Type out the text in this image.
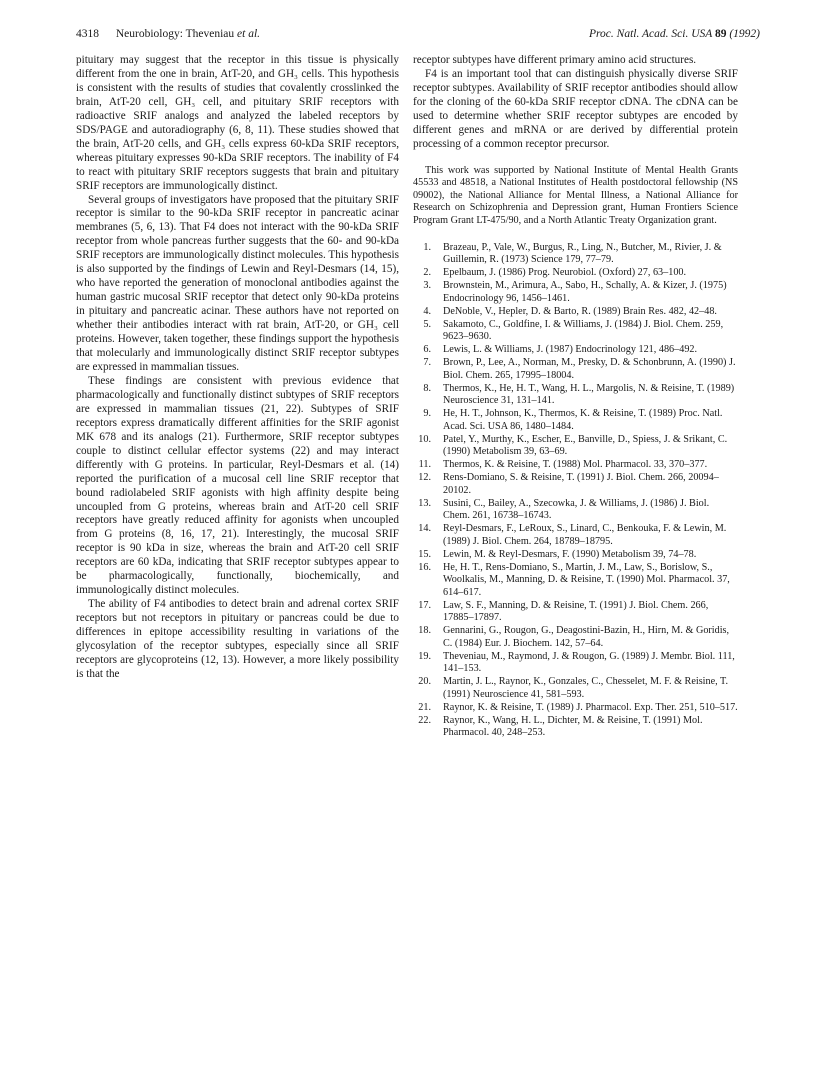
4318 Neurobiology: Theveniau et al.	Proc. Natl. Acad. Sci. USA 89 (1992)

pituitary may suggest that the receptor in this tissue is physically different from the one in brain, AtT-20, and GH₃ cells. This hypothesis is consistent with the results of studies that covalently crosslinked the brain, AtT-20 cell, GH₃ cell, and pituitary SRIF receptors with radioactive SRIF analogs and analyzed the labeled receptors by SDS/PAGE and autoradiography (6, 8, 11). These studies showed that the brain, AtT-20 cells, and GH₃ cells express 60-kDa SRIF receptors, whereas pituitary expresses 90-kDa SRIF receptors. The inability of F4 to react with pituitary SRIF receptors suggests that brain and pituitary SRIF receptors are immunologically distinct.

Several groups of investigators have proposed that the pituitary SRIF receptor is similar to the 90-kDa SRIF receptor in pancreatic acinar membranes (5, 6, 13). That F4 does not interact with the 90-kDa SRIF receptor from whole pancreas further suggests that the 60- and 90-kDa SRIF receptors are immunologically distinct molecules. This hypothesis is also supported by the findings of Lewin and Reyl-Desmars (14, 15), who have reported the generation of monoclonal antibodies against the human gastric mucosal SRIF receptor that detect only 90-kDa proteins in pituitary and pancreatic acinar. These authors have not reported on whether their antibodies interact with rat brain, AtT-20, or GH₃ cell proteins. However, taken together, these findings support the hypothesis that molecularly and immunologically distinct SRIF receptor subtypes are expressed in mammalian tissues.

These findings are consistent with previous evidence that pharmacologically and functionally distinct subtypes of SRIF receptors are expressed in mammalian tissues (21, 22). Subtypes of SRIF receptors express dramatically different affinities for the SRIF agonist MK 678 and its analogs (21). Furthermore, SRIF receptor subtypes couple to distinct cellular effector systems (22) and may interact differently with G proteins. In particular, Reyl-Desmars et al. (14) reported the purification of a mucosal cell line SRIF receptor that bound radiolabeled SRIF agonists with high affinity despite being uncoupled from G proteins, whereas brain and AtT-20 cell SRIF receptors have greatly reduced affinity for agonists when uncoupled from G proteins (8, 16, 17, 21). Interestingly, the mucosal SRIF receptor is 90 kDa in size, whereas the brain and AtT-20 cell SRIF receptors are 60 kDa, indicating that SRIF receptor subtypes appear to be pharmacologically, functionally, biochemically, and immunologically distinct molecules.

The ability of F4 antibodies to detect brain and adrenal cortex SRIF receptors but not receptors in pituitary or pancreas could be due to differences in epitope accessibility resulting in variations of the glycosylation of the receptor subtypes, especially since all SRIF receptors are glycoproteins (12, 13). However, a more likely possibility is that the

receptor subtypes have different primary amino acid structures.

F4 is an important tool that can distinguish physically diverse SRIF receptor subtypes. Availability of SRIF receptor antibodies should allow for the cloning of the 60-kDa SRIF receptor cDNA. The cDNA can be used to determine whether SRIF receptor subtypes are encoded by different genes and mRNA or are derived by differential protein processing of a common receptor precursor.

This work was supported by National Institute of Mental Health Grants 45533 and 48518, a National Institutes of Health postdoctoral fellowship (NS 09002), the National Alliance for Mental Illness, a National Alliance for Research on Schizophrenia and Depression grant, Human Frontiers Science Program Grant LT-475/90, and a North Atlantic Treaty Organization grant.

1. Brazeau, P., Vale, W., Burgus, R., Ling, N., Butcher, M., Rivier, J. & Guillemin, R. (1973) Science 179, 77–79.
2. Epelbaum, J. (1986) Prog. Neurobiol. (Oxford) 27, 63–100.
3. Brownstein, M., Arimura, A., Sabo, H., Schally, A. & Kizer, J. (1975) Endocrinology 96, 1456–1461.
4. DeNoble, V., Hepler, D. & Barto, R. (1989) Brain Res. 482, 42–48.
5. Sakamoto, C., Goldfine, I. & Williams, J. (1984) J. Biol. Chem. 259, 9623–9630.
6. Lewis, L. & Williams, J. (1987) Endocrinology 121, 486–492.
7. Brown, P., Lee, A., Norman, M., Presky, D. & Schonbrunn, A. (1990) J. Biol. Chem. 265, 17995–18004.
8. Thermos, K., He, H. T., Wang, H. L., Margolis, N. & Reisine, T. (1989) Neuroscience 31, 131–141.
9. He, H. T., Johnson, K., Thermos, K. & Reisine, T. (1989) Proc. Natl. Acad. Sci. USA 86, 1480–1484.
10. Patel, Y., Murthy, K., Escher, E., Banville, D., Spiess, J. & Srikant, C. (1990) Metabolism 39, 63–69.
11. Thermos, K. & Reisine, T. (1988) Mol. Pharmacol. 33, 370–377.
12. Rens-Domiano, S. & Reisine, T. (1991) J. Biol. Chem. 266, 20094–20102.
13. Susini, C., Bailey, A., Szecowka, J. & Williams, J. (1986) J. Biol. Chem. 261, 16738–16743.
14. Reyl-Desmars, F., LeRoux, S., Linard, C., Benkouka, F. & Lewin, M. (1989) J. Biol. Chem. 264, 18789–18795.
15. Lewin, M. & Reyl-Desmars, F. (1990) Metabolism 39, 74–78.
16. He, H. T., Rens-Domiano, S., Martin, J. M., Law, S., Borislow, S., Woolkalis, M., Manning, D. & Reisine, T. (1990) Mol. Pharmacol. 37, 614–617.
17. Law, S. F., Manning, D. & Reisine, T. (1991) J. Biol. Chem. 266, 17885–17897.
18. Gennarini, G., Rougon, G., Deagostini-Bazin, H., Hirn, M. & Goridis, C. (1984) Eur. J. Biochem. 142, 57–64.
19. Theveniau, M., Raymond, J. & Rougon, G. (1989) J. Membr. Biol. 111, 141–153.
20. Martin, J. L., Raynor, K., Gonzales, C., Chesselet, M. F. & Reisine, T. (1991) Neuroscience 41, 581–593.
21. Raynor, K. & Reisine, T. (1989) J. Pharmacol. Exp. Ther. 251, 510–517.
22. Raynor, K., Wang, H. L., Dichter, M. & Reisine, T. (1991) Mol. Pharmacol. 40, 248–253.
